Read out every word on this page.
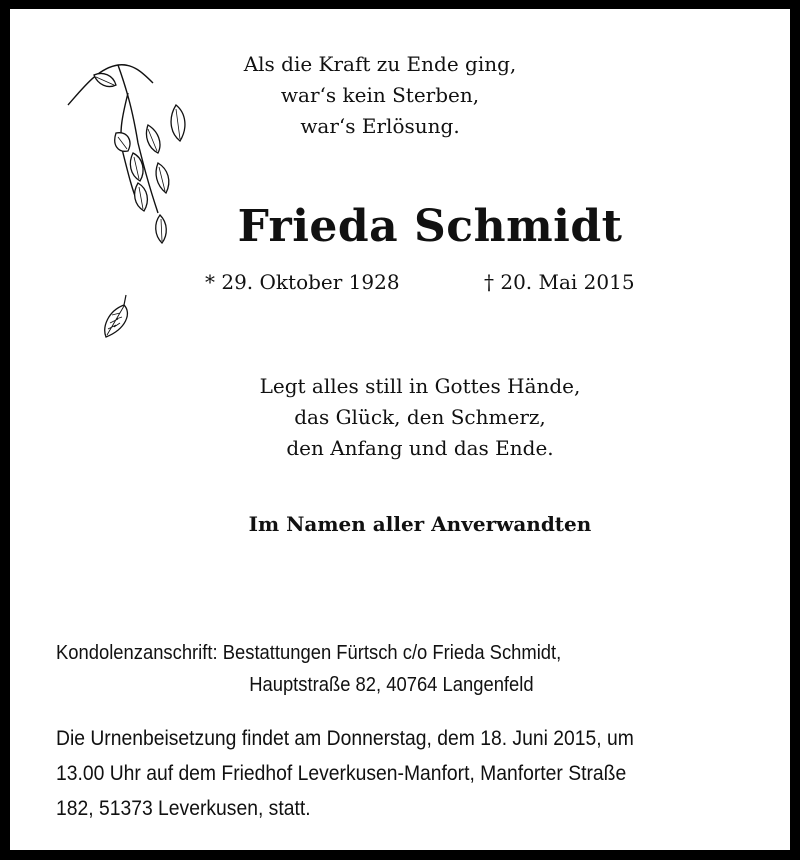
Als die Kraft zu Ende ging,
war‘s kein Sterben,
war‘s Erlösung.
Frieda Schmidt
* 29. Oktober 1928	† 20. Mai 2015
Legt alles still in Gottes Hände,
das Glück, den Schmerz,
den Anfang und das Ende.
Im Namen aller Anverwandten
Kondolenzanschrift: Bestattungen Fürtsch c/o Frieda Schmidt,
Hauptstraße 82, 40764 Langenfeld
Die Urnenbeisetzung findet am Donnerstag, dem 18. Juni 2015, um
13.00 Uhr auf dem Friedhof Leverkusen-Manfort, Manforter Straße
182, 51373 Leverkusen, statt.
